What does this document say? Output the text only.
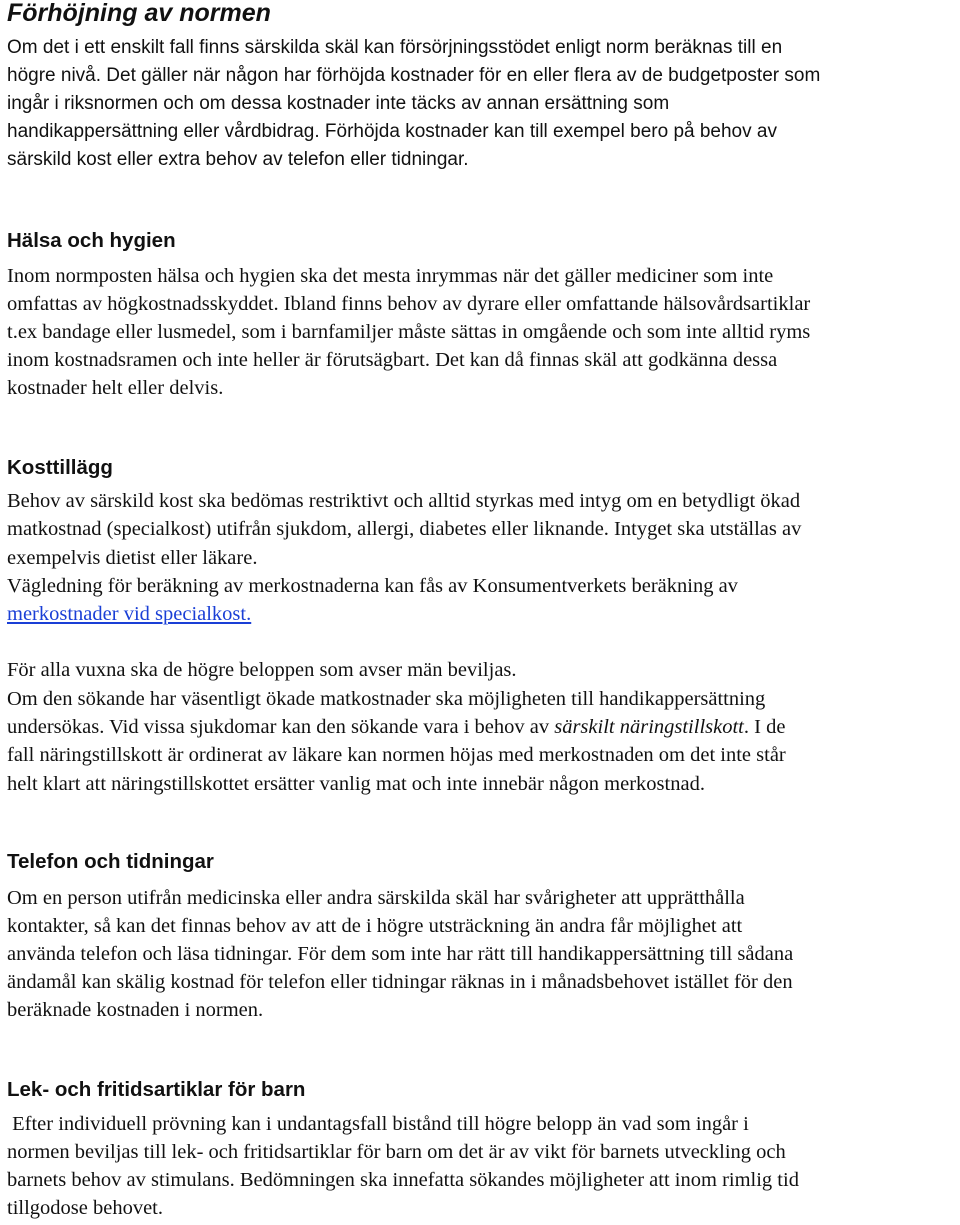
Förhöjning av normen
Om det i ett enskilt fall finns särskilda skäl kan försörjningsstödet enligt norm beräknas till en
högre nivå. Det gäller när någon har förhöjda kostnader för en eller flera av de budgetposter som
ingår i riksnormen och om dessa kostnader inte täcks av annan ersättning som
handikappersättning eller vårdbidrag. Förhöjda kostnader kan till exempel bero på behov av
särskild kost eller extra behov av telefon eller tidningar.
Hälsa och hygien
Inom normposten hälsa och hygien ska det mesta inrymmas när det gäller mediciner som inte
omfattas av högkostnadsskyddet. Ibland finns behov av dyrare eller omfattande hälsovårdsartiklar
t.ex bandage eller lusmedel, som i barnfamiljer måste sättas in omgående och som inte alltid ryms
inom kostnadsramen och inte heller är förutsägbart. Det kan då finnas skäl att godkänna dessa
kostnader helt eller delvis.
Kosttillägg
Behov av särskild kost ska bedömas restriktivt och alltid styrkas med intyg om en betydligt ökad
matkostnad (specialkost) utifrån sjukdom, allergi, diabetes eller liknande. Intyget ska utställas av
exempelvis dietist eller läkare.
Vägledning för beräkning av merkostnaderna kan fås av Konsumentverkets beräkning av
merkostnader vid specialkost.
För alla vuxna ska de högre beloppen som avser män beviljas.
Om den sökande har väsentligt ökade matkostnader ska möjligheten till handikappersättning
undersökas. Vid vissa sjukdomar kan den sökande vara i behov av särskilt näringstillskott. I de
fall näringstillskott är ordinerat av läkare kan normen höjas med merkostnaden om det inte står
helt klart att näringstillskottet ersätter vanlig mat och inte innebär någon merkostnad.
Telefon och tidningar
Om en person utifrån medicinska eller andra särskilda skäl har svårigheter att upprätthålla
kontakter, så kan det finnas behov av att de i högre utsträckning än andra får möjlighet att
använda telefon och läsa tidningar. För dem som inte har rätt till handikappersättning till sådana
ändamål kan skälig kostnad för telefon eller tidningar räknas in i månadsbehovet istället för den
beräknade kostnaden i normen.
Lek- och fritidsartiklar för barn
Efter individuell prövning kan i undantagsfall bistånd till högre belopp än vad som ingår i
normen beviljas till lek- och fritidsartiklar för barn om det är av vikt för barnets utveckling och
barnets behov av stimulans. Bedömningen ska innefatta sökandes möjligheter att inom rimlig tid
tillgodose behovet.
